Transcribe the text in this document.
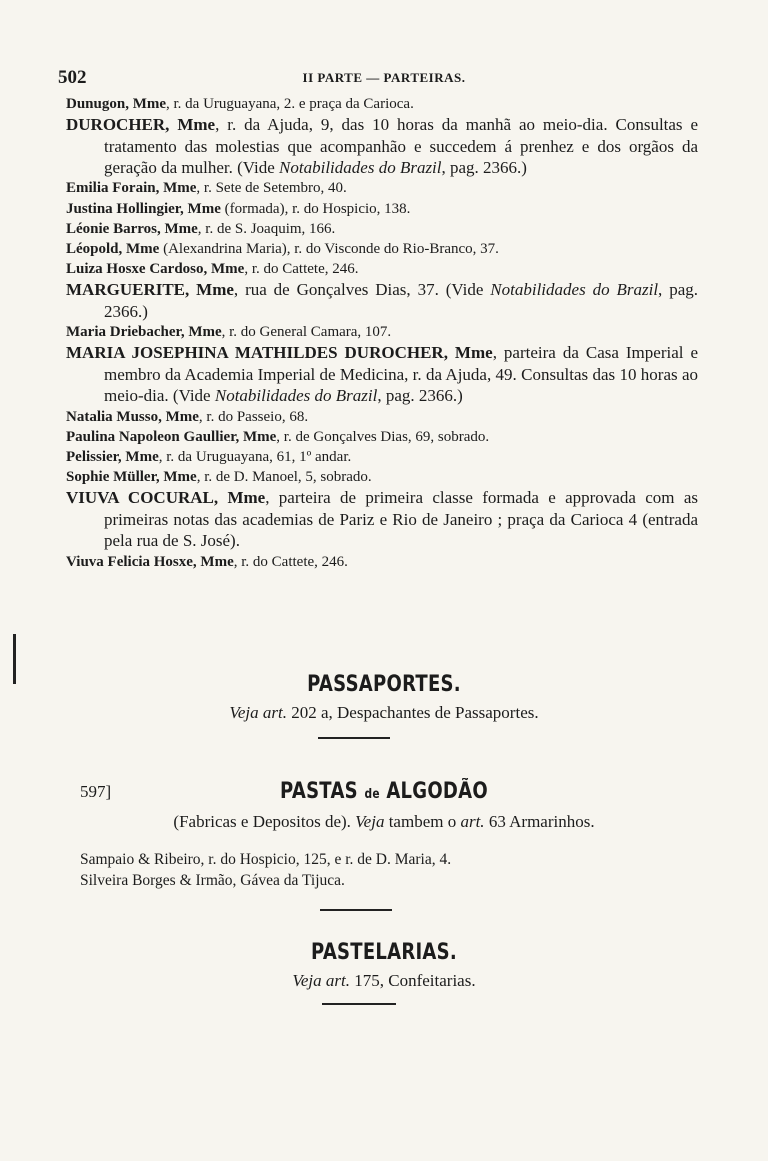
502	II PARTE — PARTEIRAS.

Dunugon, Mme, r. da Uruguayana, 2. e praça da Carioca.

DUROCHER, Mme, r. da Ajuda, 9, das 10 horas da manhã ao meio-dia. Consultas e tratamento das molestias que acompanhão e succedem á prenhez e dos orgãos da geração da mulher. (Vide Notabilidades do Brazil, pag. 2366.)

Emilia Forain, Mme, r. Sete de Setembro, 40.

Justina Hollingier, Mme (formada), r. do Hospicio, 138.

Léonie Barros, Mme, r. de S. Joaquim, 166.

Léopold, Mme (Alexandrina Maria), r. do Visconde do Rio-Branco, 37.

Luiza Hosxe Cardoso, Mme, r. do Cattete, 246.

MARGUERITE, Mme, rua de Gonçalves Dias, 37. (Vide Notabilidades do Brazil, pag. 2366.)

Maria Driebacher, Mme, r. do General Camara, 107.

MARIA JOSEPHINA MATHILDES DUROCHER, Mme, parteira da Casa Imperial e membro da Academia Imperial de Medicina, r. da Ajuda, 49. Consultas das 10 horas ao meio-dia. (Vide Notabilidades do Brazil, pag. 2366.)

Natalia Musso, Mme, r. do Passeio, 68.

Paulina Napoleon Gaullier, Mme, r. de Gonçalves Dias, 69, sobrado.

Pelissier, Mme, r. da Uruguayana, 61, 1º andar.

Sophie Müller, Mme, r. de D. Manoel, 5, sobrado.

VIUVA COCURAL, Mme, parteira de primeira classe formada e approvada com as primeiras notas das academias de Pariz e Rio de Janeiro ; praça da Carioca 4 (entrada pela rua de S. José).

Viuva Felicia Hosxe, Mme, r. do Cattete, 246.

PASSAPORTES.
Veja art. 202 a, Despachantes de Passaportes.
597]	PASTAS de ALGODÃO
(Fabricas e Depositos de). Veja tambem o art. 63 Armarinhos.

Sampaio & Ribeiro, r. do Hospicio, 125, e r. de D. Maria, 4.

Silveira Borges & Irmão, Gávea da Tijuca.

PASTELARIAS.
Veja art. 175, Confeitarias.
